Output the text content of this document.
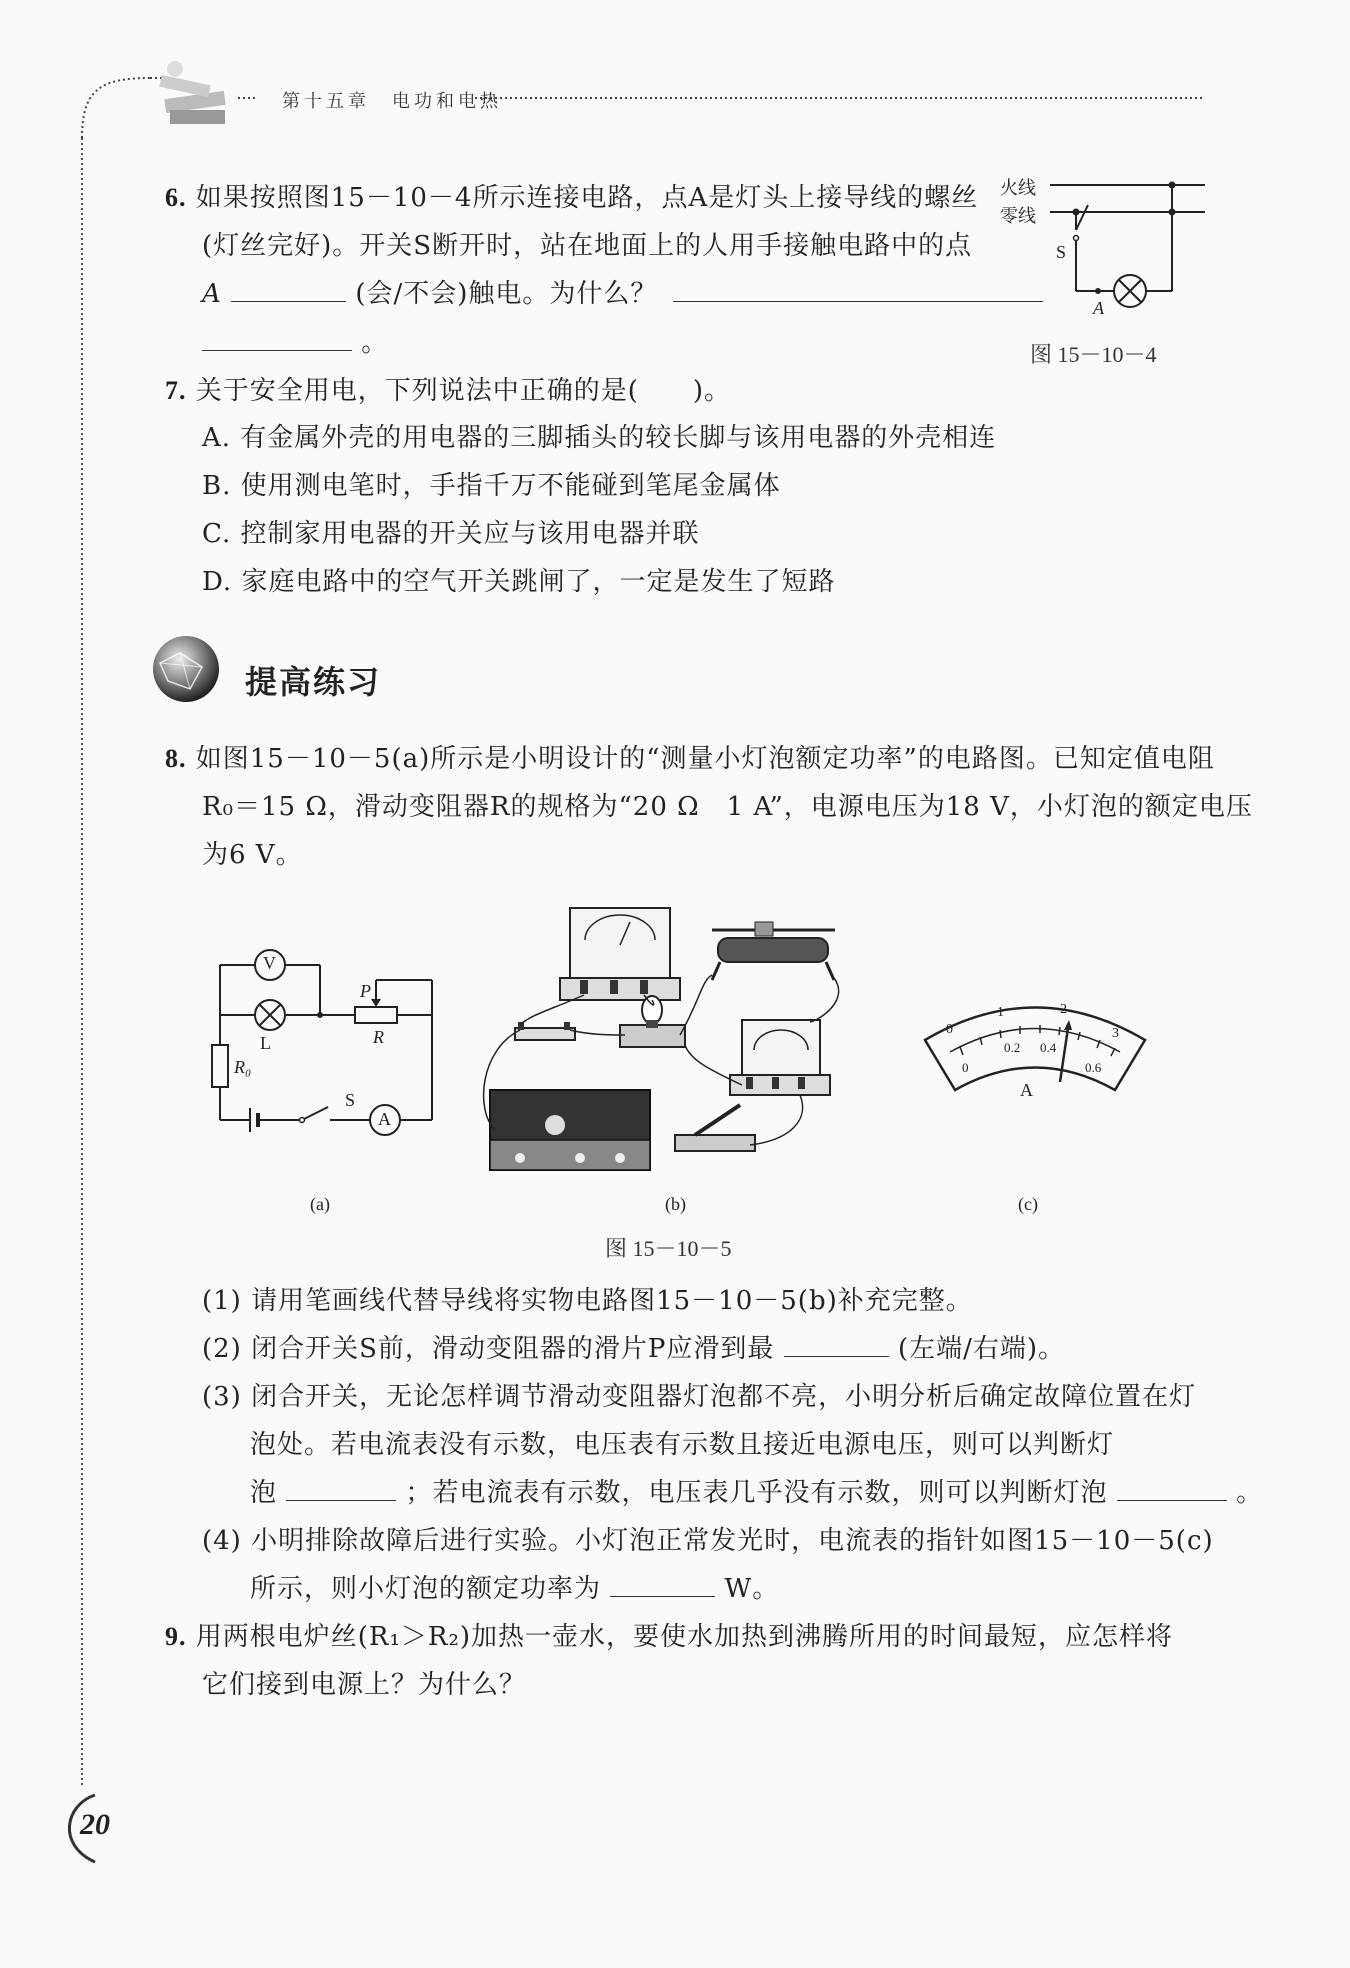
第十五章　电功和电热
20
6. 如果按照图15－10－4所示连接电路，点A是灯头上接导线的螺丝
(灯丝完好)。开关S断开时，站在地面上的人用手接触电路中的点
A	(会/不会)触电。为什么？
。
火线
零线
S
A
图 15－10－4
7. 关于安全用电，下列说法中正确的是(　　)。
A. 有金属外壳的用电器的三脚插头的较长脚与该用电器的外壳相连
B. 使用测电笔时，手指千万不能碰到笔尾金属体
C. 控制家用电器的开关应与该用电器并联
D. 家庭电路中的空气开关跳闸了，一定是发生了短路
提高练习
8. 如图15－10－5(a)所示是小明设计的“测量小灯泡额定功率”的电路图。已知定值电阻
R₀＝15 Ω，滑动变阻器R的规格为“20 Ω　1 A”，电源电压为18 V，小灯泡的额定电压
为6 V。
V
L
P
R
R₀
S
A
(a)	(b)
0
1	2
3
0
0.2 0.4
0.6
A
(c)
图 15－10－5
(1) 请用笔画线代替导线将实物电路图15－10－5(b)补充完整。
(2) 闭合开关S前，滑动变阻器的滑片P应滑到最	(左端/右端)。
(3) 闭合开关，无论怎样调节滑动变阻器灯泡都不亮，小明分析后确定故障位置在灯
泡处。若电流表没有示数，电压表有示数且接近电源电压，则可以判断灯
泡	；若电流表有示数，电压表几乎没有示数，则可以判断灯泡	。
(4) 小明排除故障后进行实验。小灯泡正常发光时，电流表的指针如图15－10－5(c)
所示，则小灯泡的额定功率为	W。
9. 用两根电炉丝(R₁＞R₂)加热一壶水，要使水加热到沸腾所用的时间最短，应怎样将
它们接到电源上？为什么？
